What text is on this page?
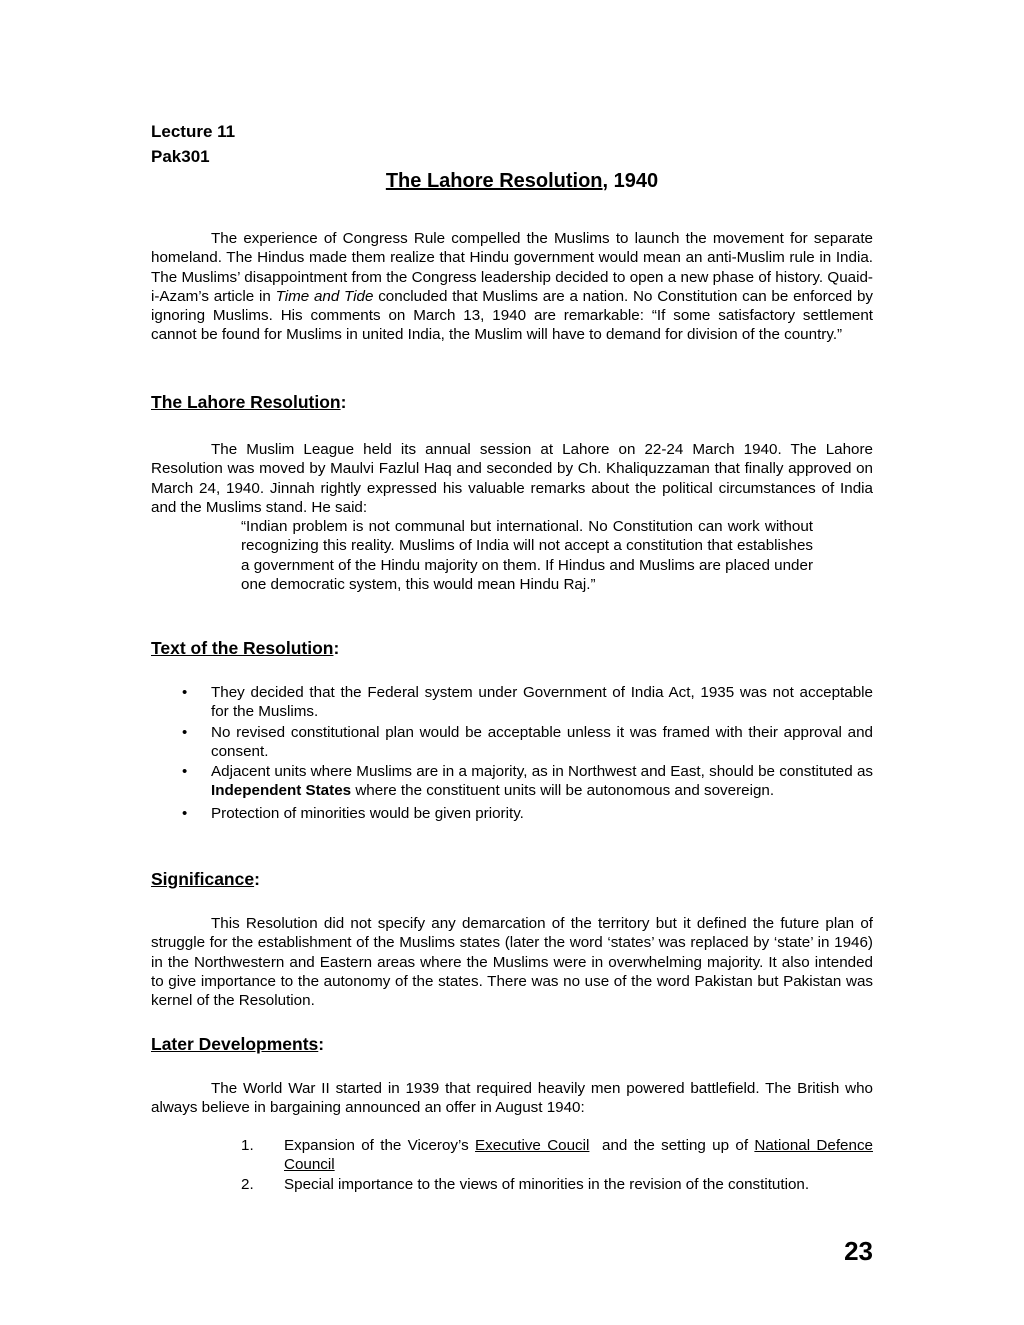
Lecture 11
Pak301
The Lahore Resolution, 1940

The experience of Congress Rule compelled the Muslims to launch the movement for separate homeland. The Hindus made them realize that Hindu government would mean an anti-Muslim rule in India. The Muslims’ disappointment from the Congress leadership decided to open a new phase of history. Quaid-i-Azam’s article in Time and Tide concluded that Muslims are a nation. No Constitution can be enforced by ignoring Muslims. His comments on March 13, 1940 are remarkable: “If some satisfactory settlement cannot be found for Muslims in united India, the Muslim will have to demand for division of the country.”

The Lahore Resolution:

The Muslim League held its annual session at Lahore on 22-24 March 1940. The Lahore Resolution was moved by Maulvi Fazlul Haq and seconded by Ch. Khaliquzzaman that finally approved on March 24, 1940. Jinnah rightly expressed his valuable remarks about the political circumstances of India and the Muslims stand. He said:

“Indian problem is not communal but international. No Constitution can work without recognizing this reality. Muslims of India will not accept a constitution that establishes a government of the Hindu majority on them. If Hindus and Muslims are placed under one democratic system, this would mean Hindu Raj.”

Text of the Resolution:
• They decided that the Federal system under Government of India Act, 1935 was not acceptable for the Muslims.
• No revised constitutional plan would be acceptable unless it was framed with their approval and consent.
• Adjacent units where Muslims are in a majority, as in Northwest and East, should be constituted as Independent States where the constituent units will be autonomous and sovereign.
• Protection of minorities would be given priority.
Significance:

This Resolution did not specify any demarcation of the territory but it defined the future plan of struggle for the establishment of the Muslims states (later the word ‘states’ was replaced by ‘state’ in 1946) in the Northwestern and Eastern areas where the Muslims were in overwhelming majority. It also intended to give importance to the autonomy of the states. There was no use of the word Pakistan but Pakistan was kernel of the Resolution.

Later Developments:

The World War II started in 1939 that required heavily men powered battlefield. The British who always believe in bargaining announced an offer in August 1940:

1. Expansion of the Viceroy’s Executive Coucil  and the setting up of National Defence Council
2. Special importance to the views of minorities in the revision of the constitution.
23
